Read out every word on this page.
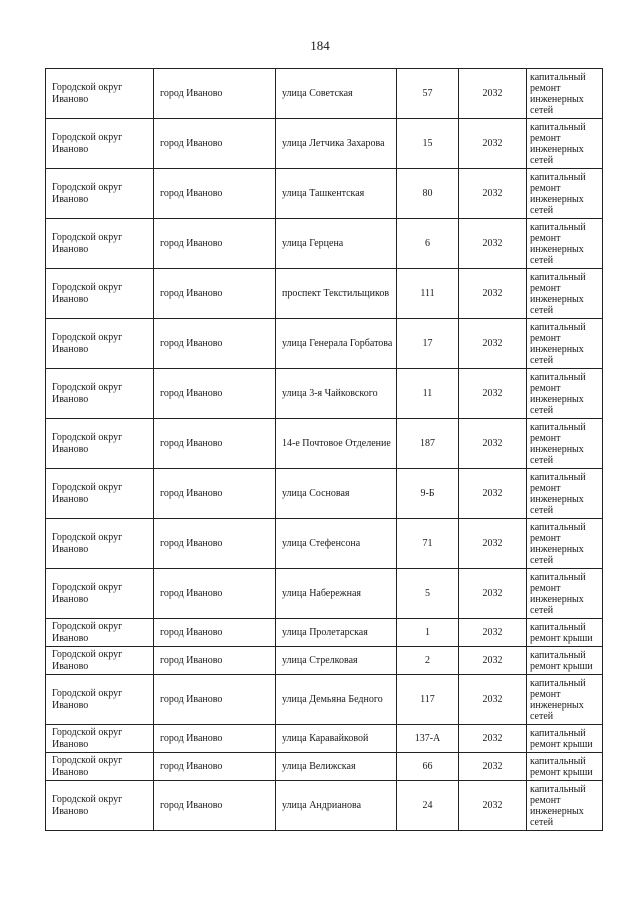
184
Городской округ Иваново	город Иваново	улица Советская	57	2032	капитальный ремонт инженерных сетей
Городской округ Иваново	город Иваново	улица Летчика Захарова	15	2032	капитальный ремонт инженерных сетей
Городской округ Иваново	город Иваново	улица Ташкентская	80	2032	капитальный ремонт инженерных сетей
Городской округ Иваново	город Иваново	улица Герцена	6	2032	капитальный ремонт инженерных сетей
Городской округ Иваново	город Иваново	проспект Текстильщиков	111	2032	капитальный ремонт инженерных сетей
Городской округ Иваново	город Иваново	улица Генерала Горбатова	17	2032	капитальный ремонт инженерных сетей
Городской округ Иваново	город Иваново	улица 3-я Чайковского	11	2032	капитальный ремонт инженерных сетей
Городской округ Иваново	город Иваново	14-е Почтовое Отделение	187	2032	капитальный ремонт инженерных сетей
Городской округ Иваново	город Иваново	улица Сосновая	9-Б	2032	капитальный ремонт инженерных сетей
Городской округ Иваново	город Иваново	улица Стефенсона	71	2032	капитальный ремонт инженерных сетей
Городской округ Иваново	город Иваново	улица Набережная	5	2032	капитальный ремонт инженерных сетей
Городской округ Иваново	город Иваново	улица Пролетарская	1	2032	капитальный ремонт крыши
Городской округ Иваново	город Иваново	улица Стрелковая	2	2032	капитальный ремонт крыши
Городской округ Иваново	город Иваново	улица Демьяна Бедного	117	2032	капитальный ремонт инженерных сетей
Городской округ Иваново	город Иваново	улица Каравайковой	137-А	2032	капитальный ремонт крыши
Городской округ Иваново	город Иваново	улица Велижская	66	2032	капитальный ремонт крыши
Городской округ Иваново	город Иваново	улица Андрианова	24	2032	капитальный ремонт инженерных сетей
